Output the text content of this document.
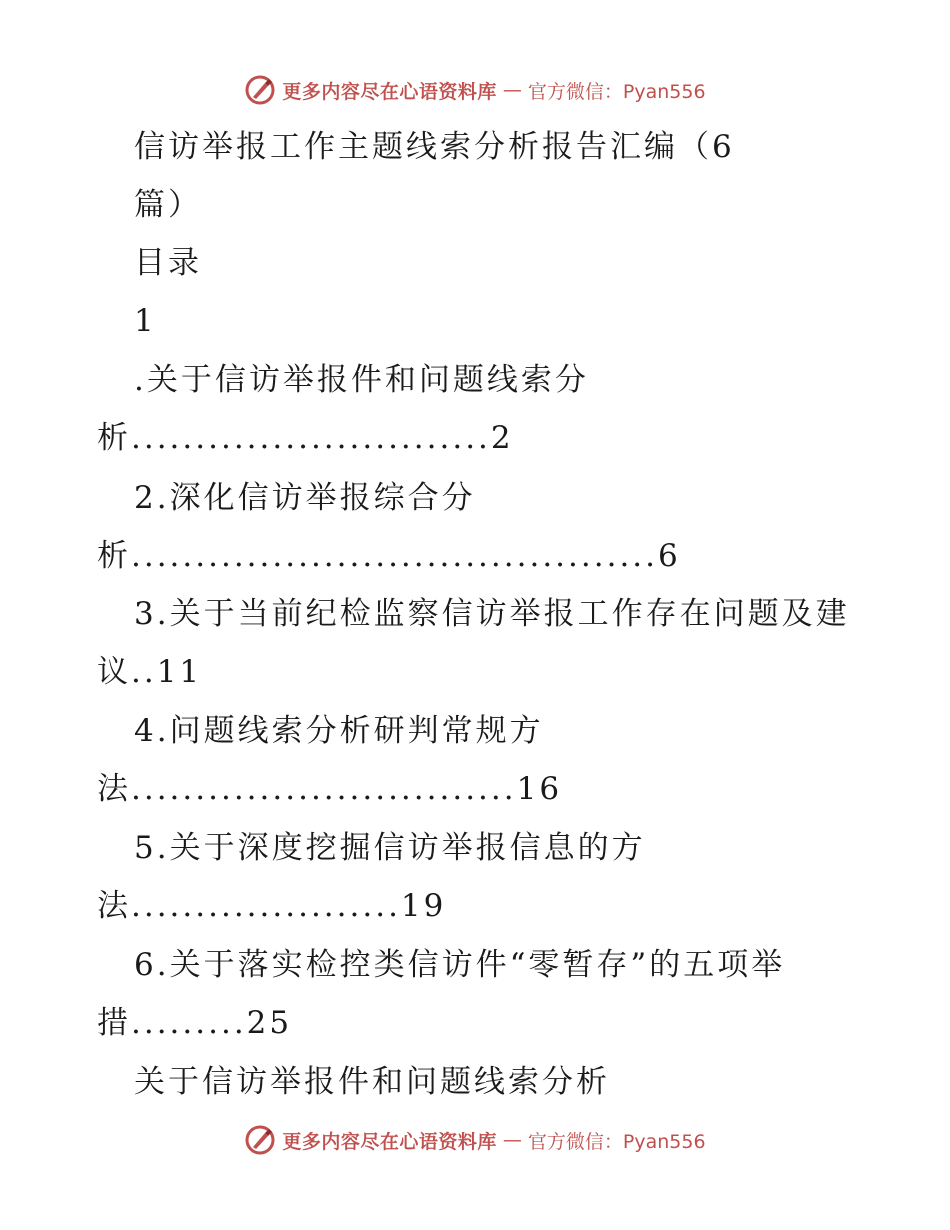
更多内容尽在心语资料库 — 官方微信：Pyan556
信访举报工作主题线索分析报告汇编（6
篇）
目录
1
.关于信访举报件和问题线索分
析............................2
2.深化信访举报综合分
析.........................................6
3.关于当前纪检监察信访举报工作存在问题及建
议..11
4.问题线索分析研判常规方
法..............................16
5.关于深度挖掘信访举报信息的方
法.....................19
6.关于落实检控类信访件“零暂存”的五项举
措.........25
关于信访举报件和问题线索分析
更多内容尽在心语资料库 — 官方微信：Pyan556
